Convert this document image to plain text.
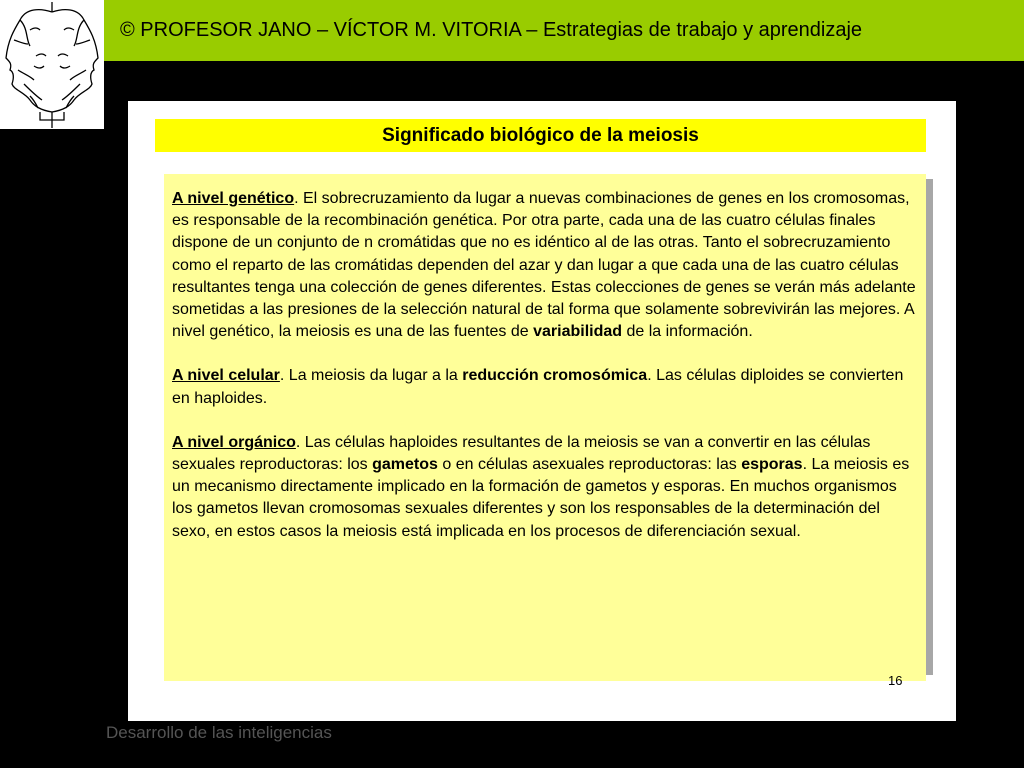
© PROFESOR JANO – VÍCTOR M. VITORIA – Estrategias de trabajo y aprendizaje
Significado biológico de la meiosis

A nivel genético. El sobrecruzamiento da lugar a nuevas combinaciones de genes en los cromosomas, es responsable de la recombinación genética. Por otra parte, cada una de las cuatro células finales dispone de un conjunto de n cromátidas que no es idéntico al de las otras. Tanto el sobrecruzamiento como el reparto de las cromátidas dependen del azar y dan lugar a que cada una de las cuatro células resultantes tenga una colección de genes diferentes. Estas colecciones de genes se verán más adelante sometidas a las presiones de la selección natural de tal forma que solamente sobrevivirán las mejores. A nivel genético, la meiosis es una de las fuentes de variabilidad de la información.

A nivel celular. La meiosis da lugar a la reducción cromosómica. Las células diploides se convierten en haploides.

A nivel orgánico. Las células haploides resultantes de la meiosis se van a convertir en las células sexuales reproductoras: los gametos o en células asexuales reproductoras: las esporas. La meiosis es un mecanismo directamente implicado en la formación de gametos y esporas. En muchos organismos los gametos llevan cromosomas sexuales diferentes y son los responsables de la determinación del sexo, en estos casos la meiosis está implicada en los procesos de diferenciación sexual.

16
Desarrollo de las inteligencias
